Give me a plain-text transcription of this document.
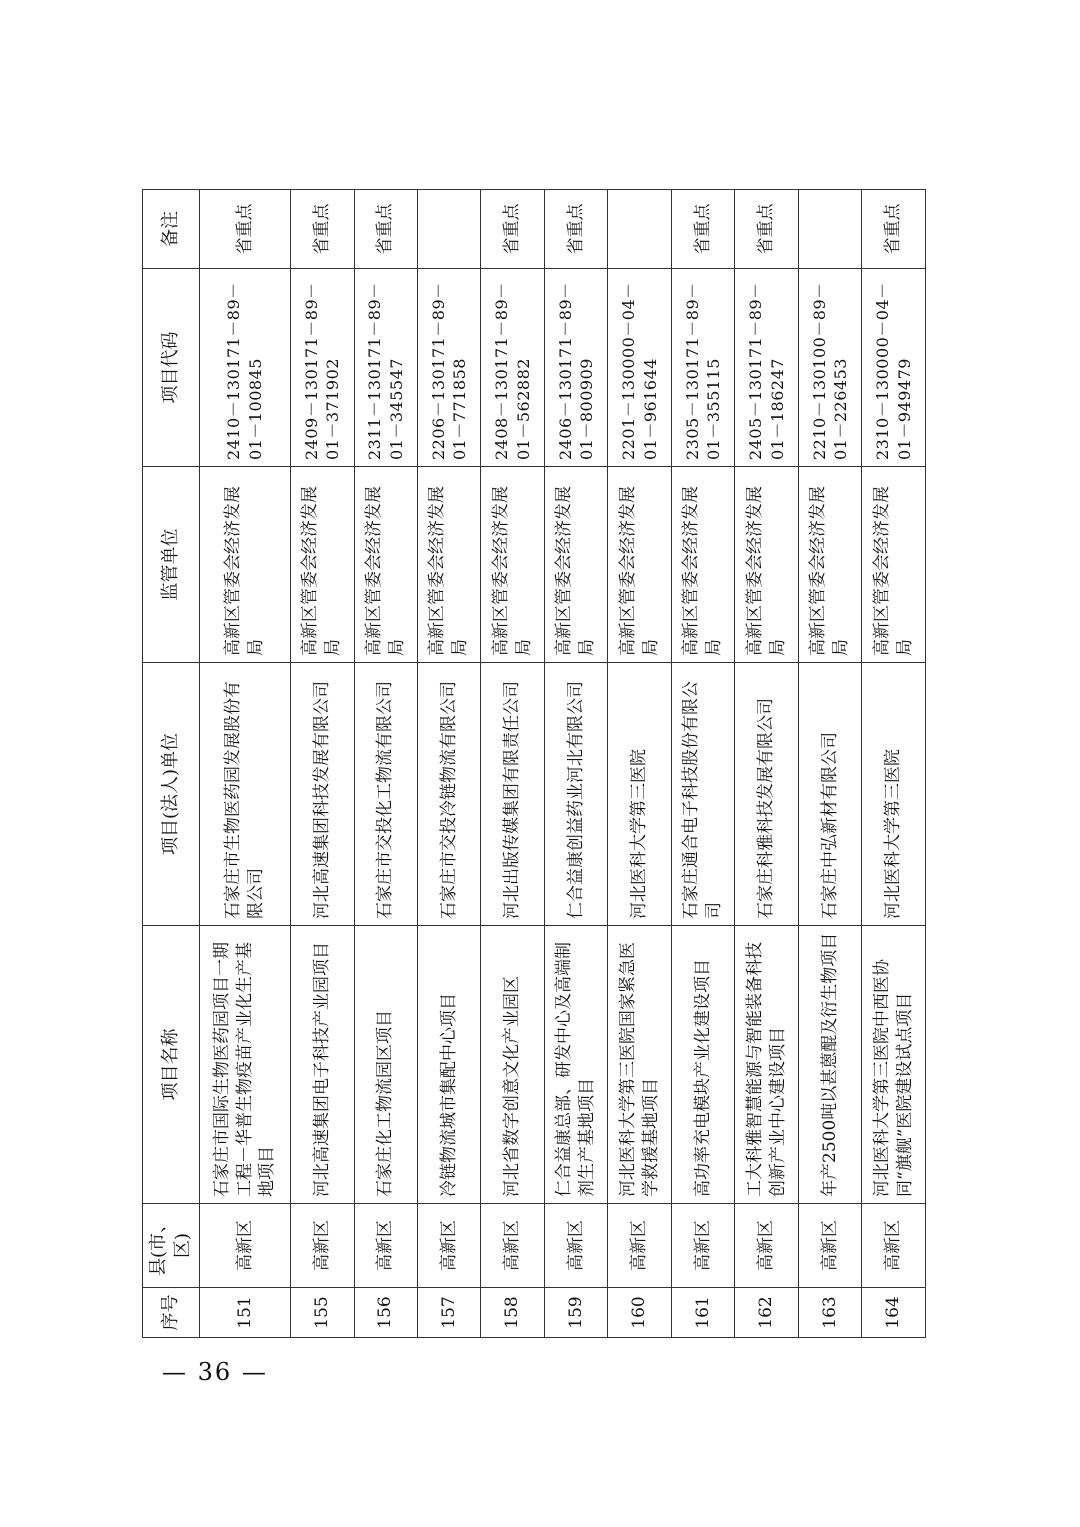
序号	县(市、区)	项目名称	项目(法人)单位	监管单位	项目代码	备注
151	高新区	石家庄市国际生物医药园项目一期工程－华普生物疫苗产业化生产基地项目	石家庄市生物医药园发展股份有限公司	高新区管委会经济发展局	2410－130171－89－01－100845	省重点
155	高新区	河北高速集团电子科技产业园项目	河北高速集团科技发展有限公司	高新区管委会经济发展局	2409－130171－89－01－371902	省重点
156	高新区	石家庄化工物流园区项目	石家庄市交投化工物流有限公司	高新区管委会经济发展局	2311－130171－89－01－345547	省重点
157	高新区	冷链物流城市集配中心项目	石家庄市交投冷链物流有限公司	高新区管委会经济发展局	2206－130171－89－01－771858	
158	高新区	河北省数字创意文化产业园区	河北出版传媒集团有限责任公司	高新区管委会经济发展局	2408－130171－89－01－562882	省重点
159	高新区	仁合益康总部、研发中心及高端制剂生产基地项目	仁合益康创益药业河北有限公司	高新区管委会经济发展局	2406－130171－89－01－800909	省重点
160	高新区	河北医科大学第三医院国家紧急医学救援基地项目	河北医科大学第三医院	高新区管委会经济发展局	2201－130000－04－01－961644	
161	高新区	高功率充电模块产业化建设项目	石家庄通合电子科技股份有限公司	高新区管委会经济发展局	2305－130171－89－01－355115	省重点
162	高新区	工大科雅智慧能源与智能装备科技创新产业中心建设项目	石家庄科雅科技发展有限公司	高新区管委会经济发展局	2405－130171－89－01－186247	省重点
163	高新区	年产2500吨以甚蒽醌及衍生物项目	石家庄中弘新材有限公司	高新区管委会经济发展局	2210－130100－89－01－226453	
164	高新区	河北医科大学第三医院中西医协同“旗舰”医院建设试点项目	河北医科大学第三医院	高新区管委会经济发展局	2310－130000－04－01－949479	省重点
— 36 —
